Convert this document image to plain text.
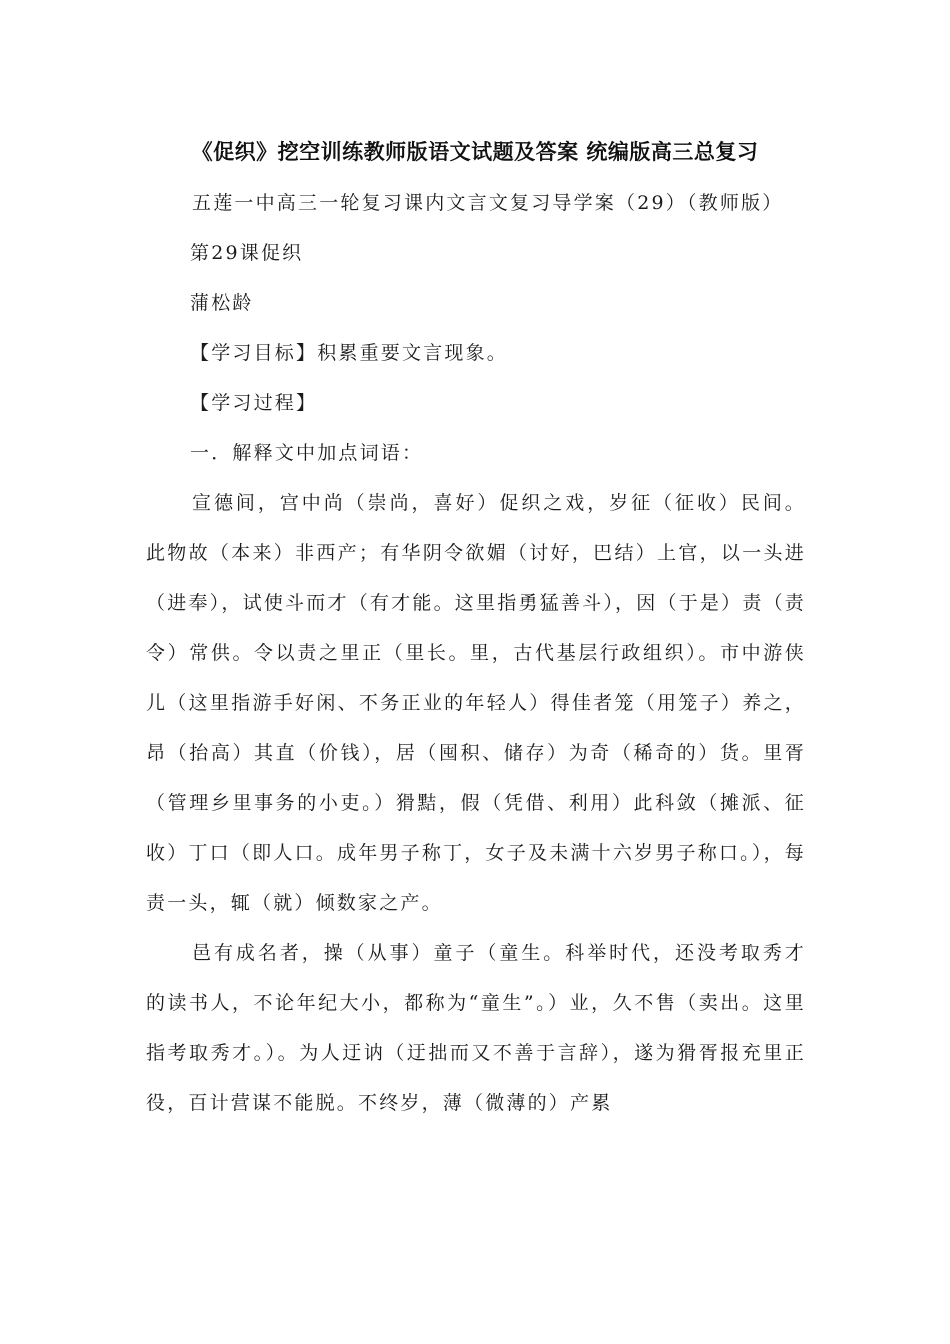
《促织》挖空训练教师版语文试题及答案 统编版高三总复习

五莲一中高三一轮复习课内文言文复习导学案（29）（教师版）

第29课促织

蒲松龄

【学习目标】积累重要文言现象。

【学习过程】

一．解释文中加点词语：

宣德间，宫中尚（崇尚，喜好）促织之戏，岁征（征收）民间。此物故（本来）非西产；有华阴令欲媚（讨好，巴结）上官，以一头进（进奉），试使斗而才（有才能。这里指勇猛善斗），因（于是）责（责令）常供。令以责之里正（里长。里，古代基层行政组织）。市中游侠儿（这里指游手好闲、不务正业的年轻人）得佳者笼（用笼子）养之，昂（抬高）其直（价钱），居（囤积、储存）为奇（稀奇的）货。里胥（管理乡里事务的小吏。）猾黠，假（凭借、利用）此科敛（摊派、征收）丁口（即人口。成年男子称丁，女子及未满十六岁男子称口。），每责一头，辄（就）倾数家之产。

邑有成名者，操（从事）童子（童生。科举时代，还没考取秀才的读书人，不论年纪大小，都称为“童生”。）业，久不售（卖出。这里指考取秀才。）。为人迂讷（迂拙而又不善于言辞），遂为猾胥报充里正役，百计营谋不能脱。不终岁，薄（微薄的）产累
